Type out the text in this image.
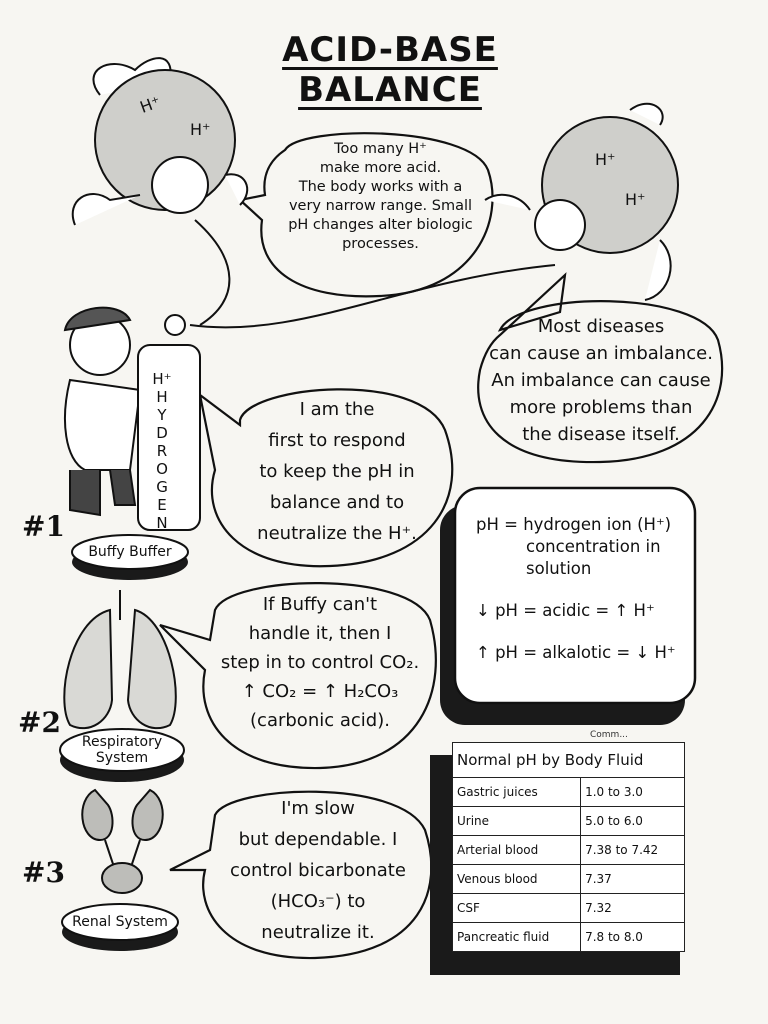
ACID-BASE BALANCE
H⁺
H⁺
H⁺
H⁺
H⁺
H
Y
D
R
O
G
E
N
Too many H⁺
make more acid.
The body works with a
very narrow range. Small
pH changes alter biologic
processes.
Most diseases
can cause an imbalance.
An imbalance can cause
more problems than
the disease itself.
I am the
first to respond
to keep the pH in
balance and to
neutralize the H⁺.
If Buffy can't
handle it, then I
step in to control CO₂.
↑ CO₂ = ↑ H₂CO₃
(carbonic acid).
I'm slow
but dependable. I
control bicarbonate
(HCO₃⁻) to
neutralize it.
#1
Buffy Buffer
#2
Respiratory
System
#3
Renal System
pH = hydrogen ion (H⁺)
concentration in
solution
↓ pH = acidic = ↑ H⁺
↑ pH = alkalotic = ↓ H⁺
Comm...
Normal pH by Body Fluid	
Gastric juices	1.0 to 3.0
Urine	5.0 to 6.0
Arterial blood	7.38 to 7.42
Venous blood	7.37
CSF	7.32
Pancreatic fluid	7.8 to 8.0
